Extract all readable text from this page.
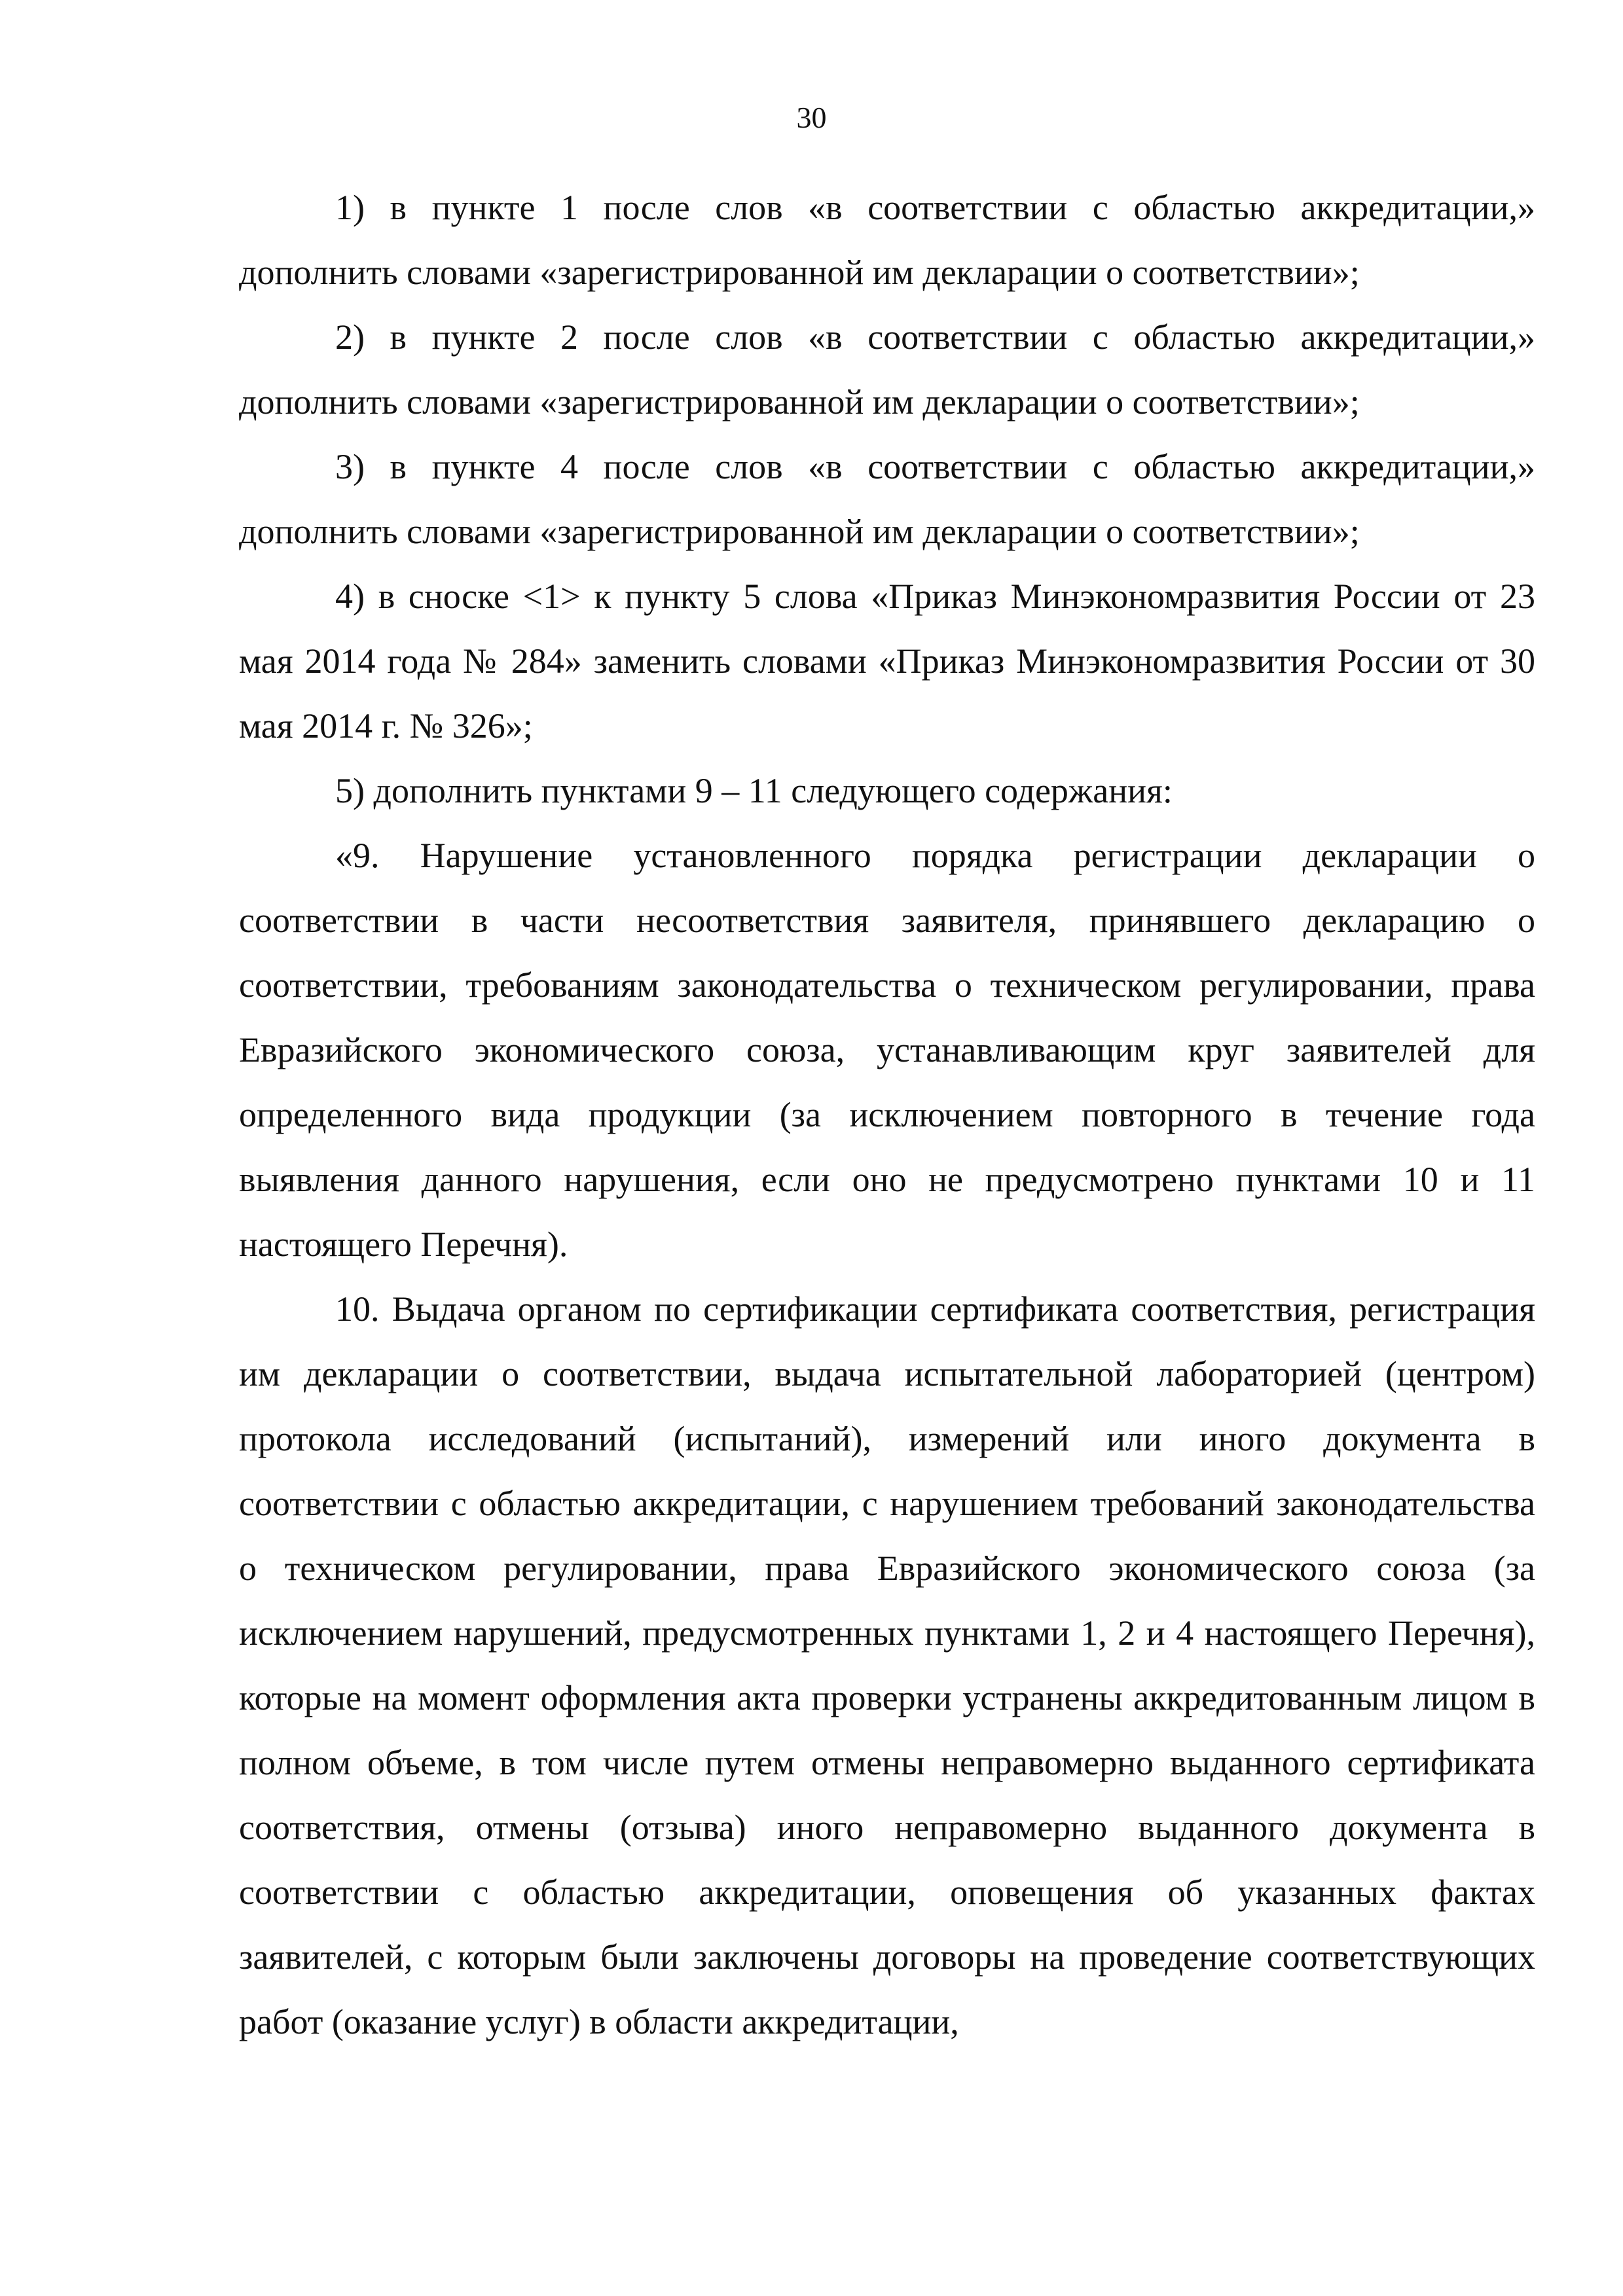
30

1) в пункте 1 после слов «в соответствии с областью аккредитации,» дополнить словами «зарегистрированной им декларации о соответствии»;

2) в пункте 2 после слов «в соответствии с областью аккредитации,» дополнить словами «зарегистрированной им декларации о соответствии»;

3) в пункте 4 после слов «в соответствии с областью аккредитации,» дополнить словами «зарегистрированной им декларации о соответствии»;

4) в сноске <1> к пункту 5 слова «Приказ Минэкономразвития России от 23 мая 2014 года № 284» заменить словами «Приказ Минэкономразвития России от 30 мая 2014 г. № 326»;

5) дополнить пунктами 9 – 11 следующего содержания:

«9. Нарушение установленного порядка регистрации декларации о соответствии в части несоответствия заявителя, принявшего декларацию о соответствии, требованиям законодательства о техническом регулировании, права Евразийского экономического союза, устанавливающим круг заявителей для определенного вида продукции (за исключением повторного в течение года выявления данного нарушения, если оно не предусмотрено пунктами 10 и 11 настоящего Перечня).

10. Выдача органом по сертификации сертификата соответствия, регистрация им декларации о соответствии, выдача испытательной лабораторией (центром) протокола исследований (испытаний), измерений или иного документа в соответствии с областью аккредитации, с нарушением требований законодательства о техническом регулировании, права Евразийского экономического союза (за исключением нарушений, предусмотренных пунктами 1, 2 и 4 настоящего Перечня), которые на момент оформления акта проверки устранены аккредитованным лицом в полном объеме, в том числе путем отмены неправомерно выданного сертификата соответствия, отмены (отзыва) иного неправомерно выданного документа в соответствии с областью аккредитации, оповещения об указанных фактах заявителей, с которым были заключены договоры на проведение соответствующих работ (оказание услуг) в области аккредитации,
